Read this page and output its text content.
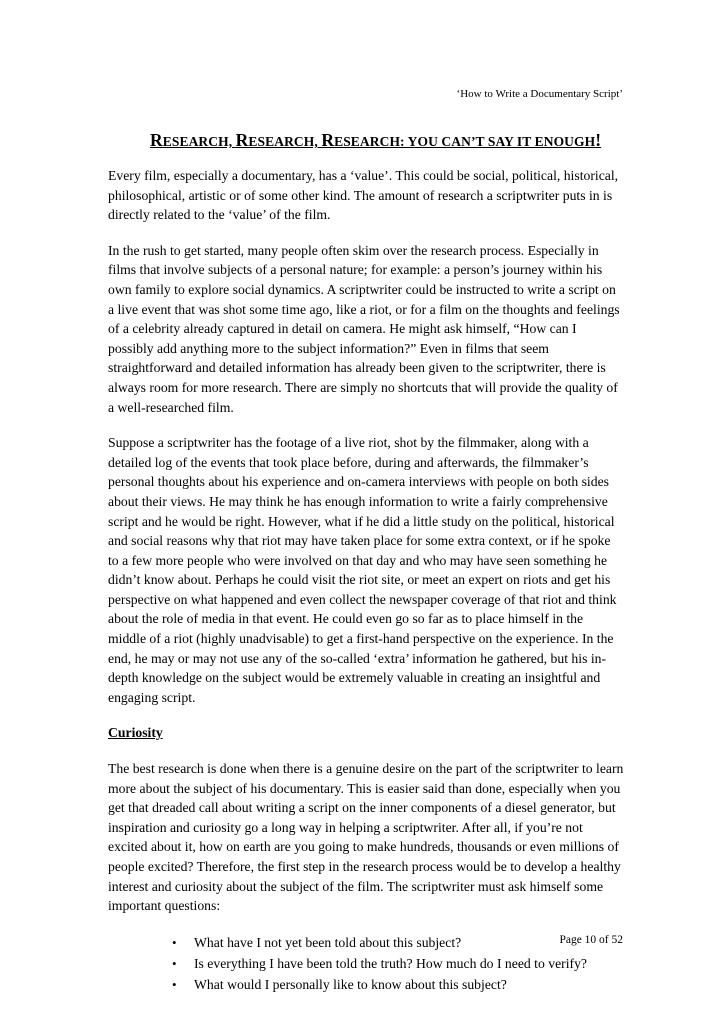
‘How to Write a Documentary Script’
RESEARCH, RESEARCH, RESEARCH: YOU CAN’T SAY IT ENOUGH!

Every film, especially a documentary, has a ‘value’. This could be social, political, historical, philosophical, artistic or of some other kind. The amount of research a scriptwriter puts in is directly related to the ‘value’ of the film.

In the rush to get started, many people often skim over the research process. Especially in films that involve subjects of a personal nature; for example: a person’s journey within his own family to explore social dynamics. A scriptwriter could be instructed to write a script on a live event that was shot some time ago, like a riot, or for a film on the thoughts and feelings of a celebrity already captured in detail on camera. He might ask himself, “How can I possibly add anything more to the subject information?” Even in films that seem straightforward and detailed information has already been given to the scriptwriter, there is always room for more research. There are simply no shortcuts that will provide the quality of a well-researched film.

Suppose a scriptwriter has the footage of a live riot, shot by the filmmaker, along with a detailed log of the events that took place before, during and afterwards, the filmmaker’s personal thoughts about his experience and on-camera interviews with people on both sides about their views. He may think he has enough information to write a fairly comprehensive script and he would be right. However, what if he did a little study on the political, historical and social reasons why that riot may have taken place for some extra context, or if he spoke to a few more people who were involved on that day and who may have seen something he didn’t know about. Perhaps he could visit the riot site, or meet an expert on riots and get his perspective on what happened and even collect the newspaper coverage of that riot and think about the role of media in that event. He could even go so far as to place himself in the middle of a riot (highly unadvisable) to get a first-hand perspective on the experience. In the end, he may or may not use any of the so-called ‘extra’ information he gathered, but his in-depth knowledge on the subject would be extremely valuable in creating an insightful and engaging script.

Curiosity

The best research is done when there is a genuine desire on the part of the scriptwriter to learn more about the subject of his documentary. This is easier said than done, especially when you get that dreaded call about writing a script on the inner components of a diesel generator, but inspiration and curiosity go a long way in helping a scriptwriter. After all, if you’re not excited about it, how on earth are you going to make hundreds, thousands or even millions of people excited? Therefore, the first step in the research process would be to develop a healthy interest and curiosity about the subject of the film. The scriptwriter must ask himself some important questions:

• What have I not yet been told about this subject?
• Is everything I have been told the truth? How much do I need to verify?
• What would I personally like to know about this subject?
Page 10 of 52
